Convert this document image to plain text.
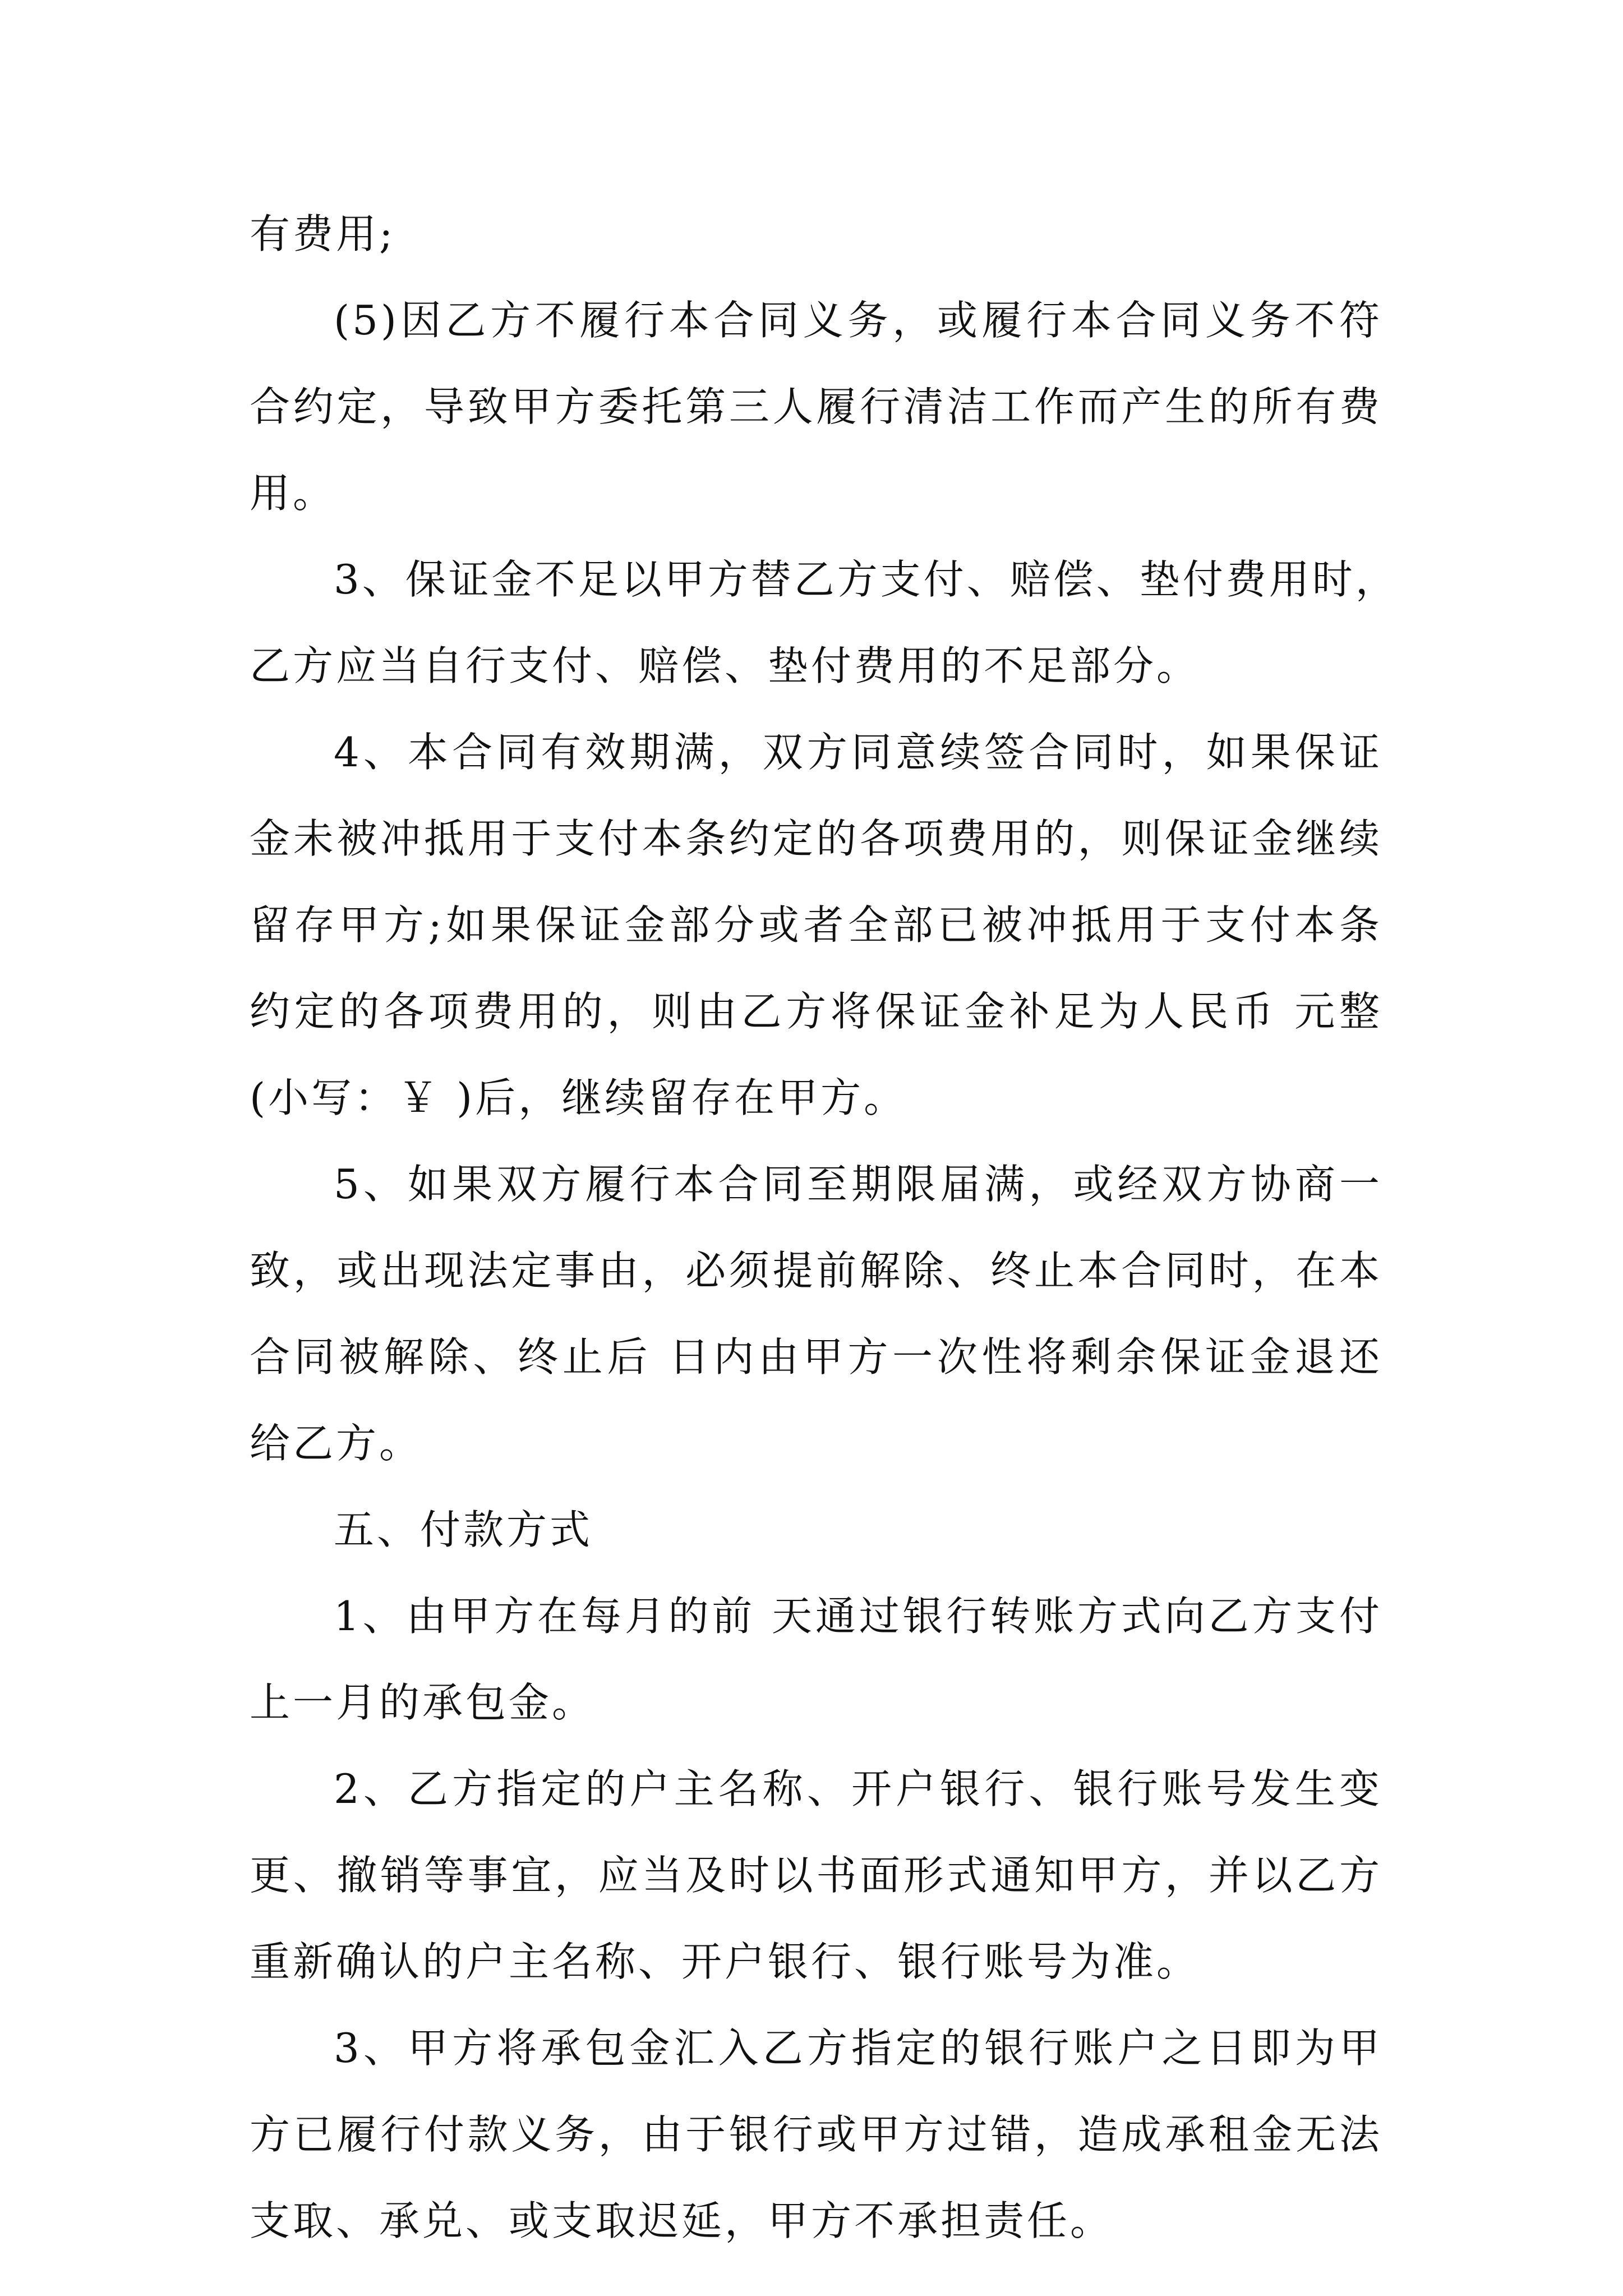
有费用;
(5)因乙方不履行本合同义务，或履行本合同义务不符
合约定，导致甲方委托第三人履行清洁工作而产生的所有费
用。
3、保证金不足以甲方替乙方支付、赔偿、垫付费用时，
乙方应当自行支付、赔偿、垫付费用的不足部分。
4、本合同有效期满，双方同意续签合同时，如果保证
金未被冲抵用于支付本条约定的各项费用的，则保证金继续
留存甲方;如果保证金部分或者全部已被冲抵用于支付本条
约定的各项费用的，则由乙方将保证金补足为人民币 元整
(小写：￥ )后，继续留存在甲方。
5、如果双方履行本合同至期限届满，或经双方协商一
致，或出现法定事由，必须提前解除、终止本合同时，在本
合同被解除、终止后 日内由甲方一次性将剩余保证金退还
给乙方。
五、付款方式
1、由甲方在每月的前 天通过银行转账方式向乙方支付
上一月的承包金。
2、乙方指定的户主名称、开户银行、银行账号发生变
更、撤销等事宜，应当及时以书面形式通知甲方，并以乙方
重新确认的户主名称、开户银行、银行账号为准。
3、甲方将承包金汇入乙方指定的银行账户之日即为甲
方已履行付款义务，由于银行或甲方过错，造成承租金无法
支取、承兑、或支取迟延，甲方不承担责任。
